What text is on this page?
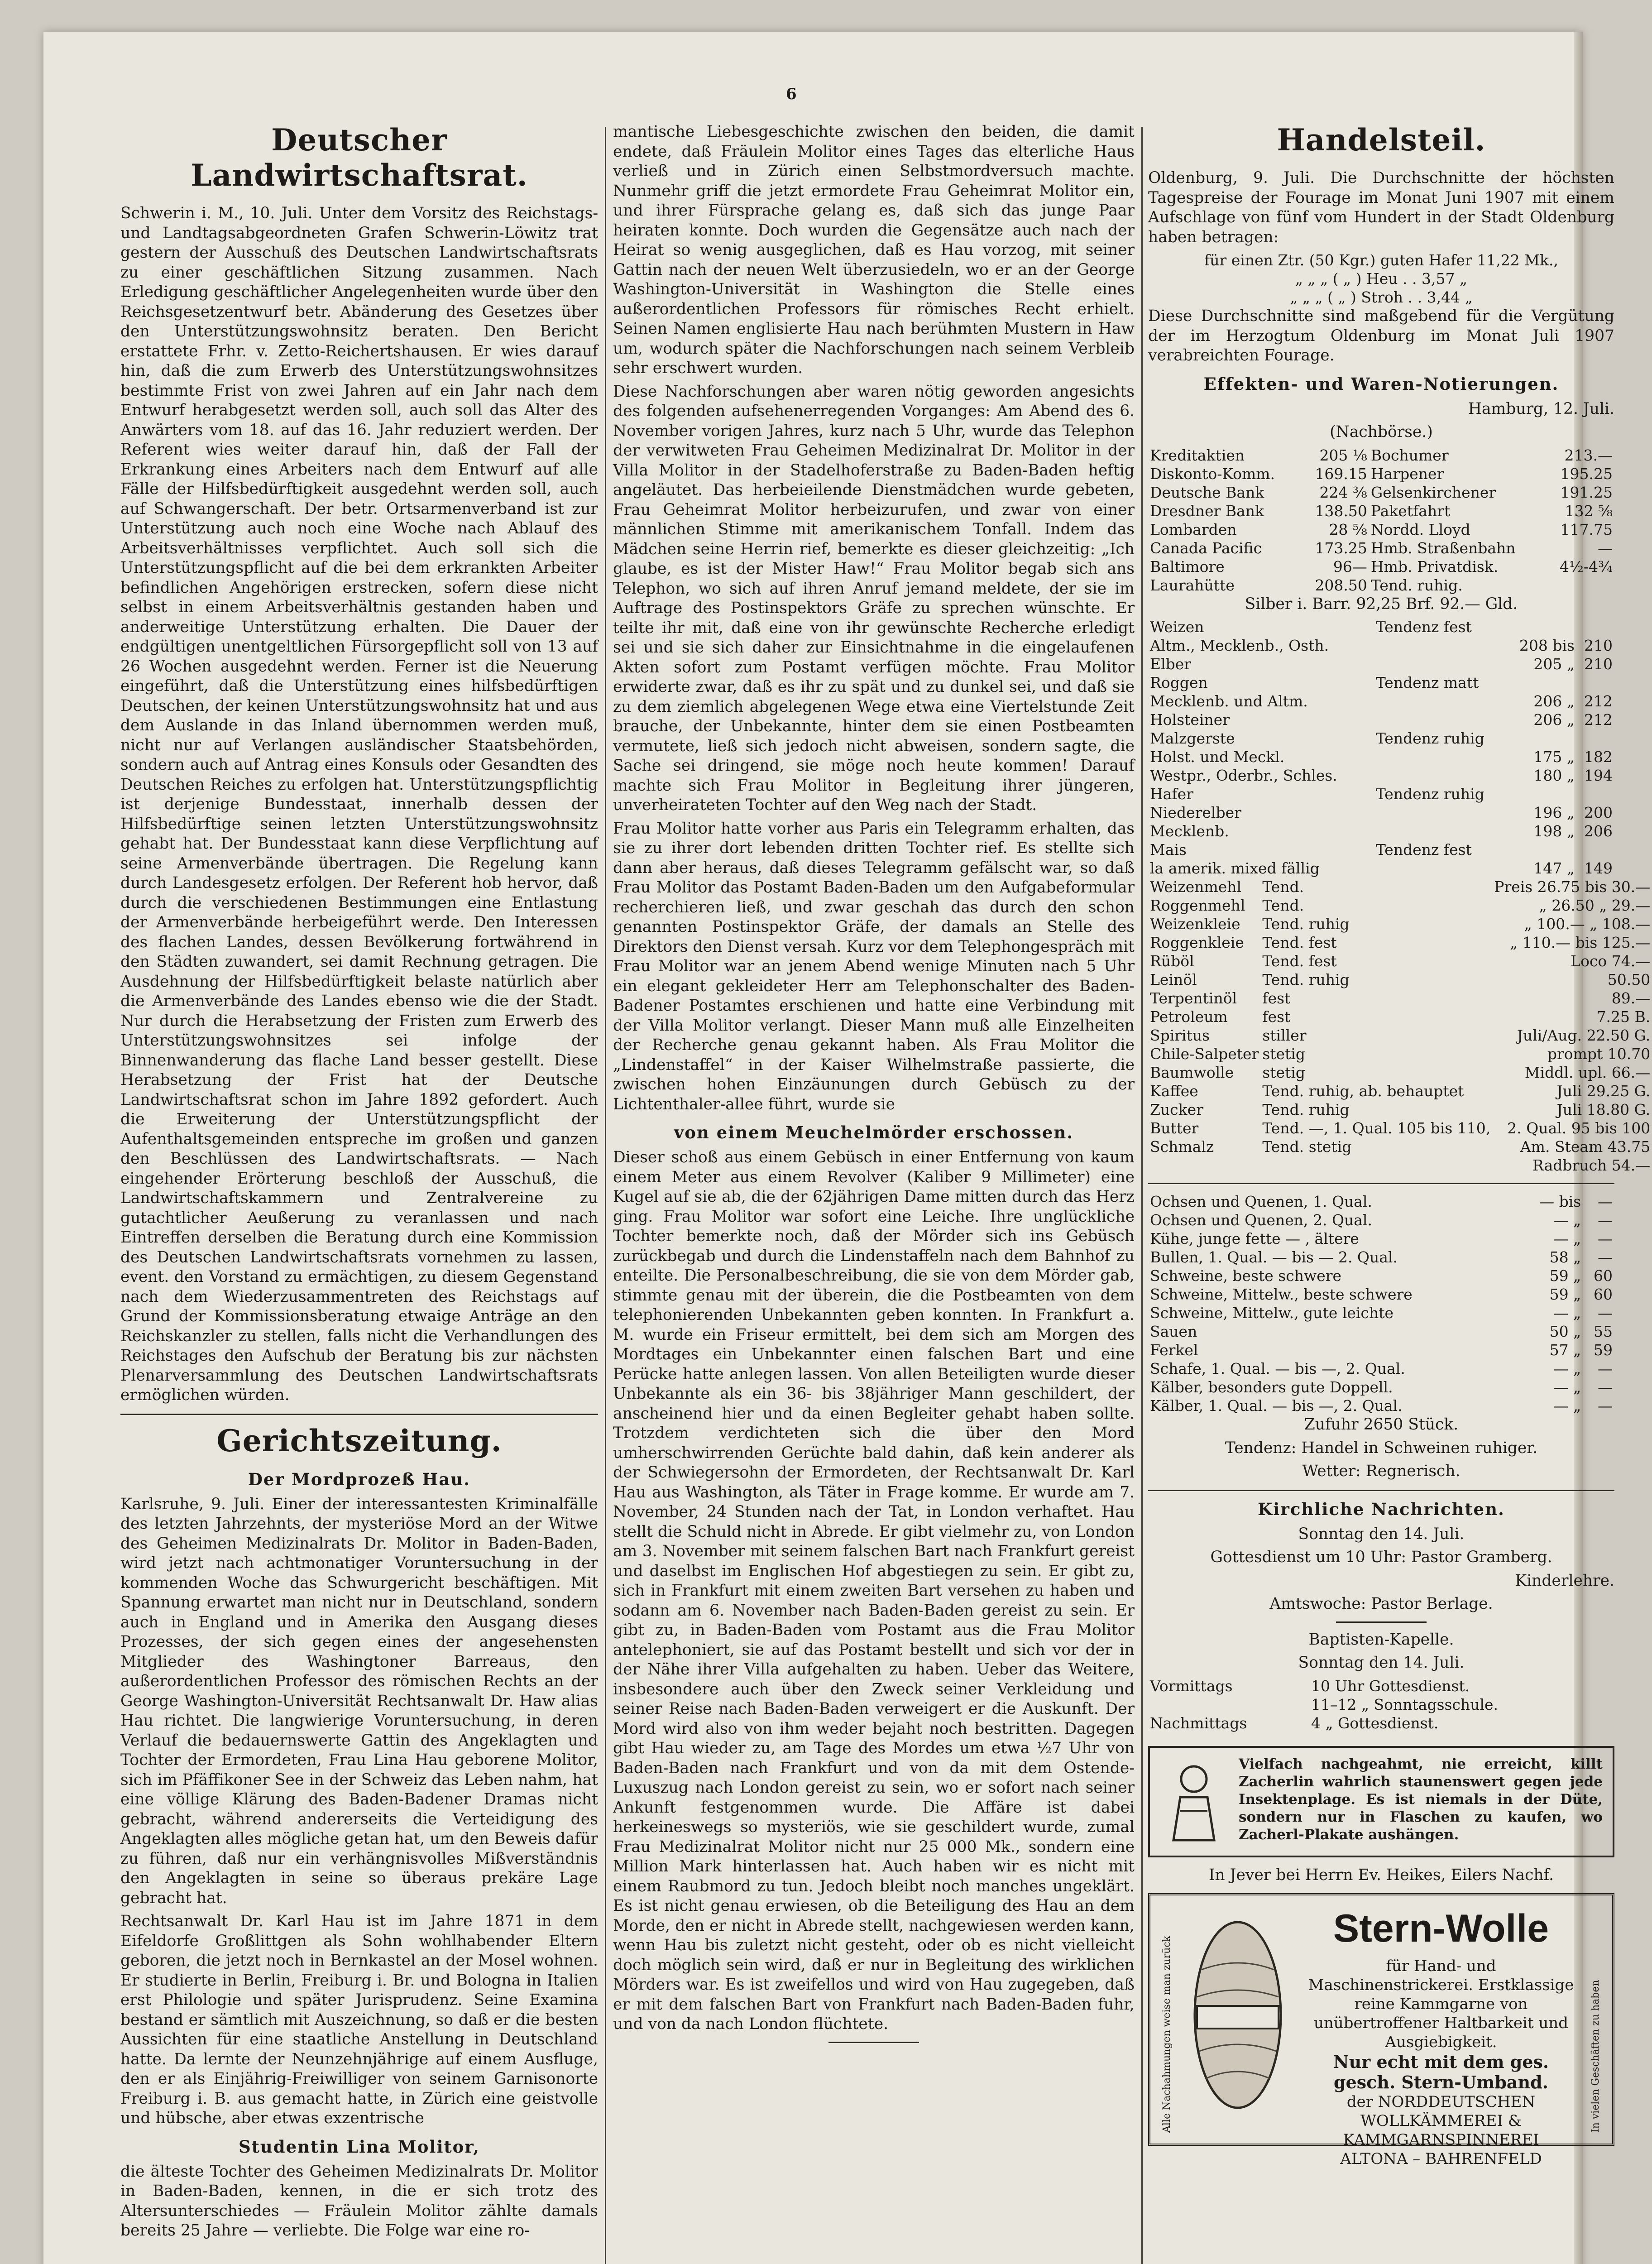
6
Deutscher Landwirtschaftsrat.

Schwerin i. M., 10. Juli. Unter dem Vorsitz des Reichstags- und Landtagsabgeordneten Grafen Schwerin-Löwitz trat gestern der Ausschuß des Deutschen Landwirtschaftsrats zu einer geschäftlichen Sitzung zusammen. Nach Erledigung geschäftlicher Angelegenheiten wurde über den Reichsgesetzentwurf betr. Abänderung des Gesetzes über den Unterstützungswohnsitz beraten. Den Bericht erstattete Frhr. v. Zetto-Reichertshausen. Er wies darauf hin, daß die zum Erwerb des Unterstützungswohnsitzes bestimmte Frist von zwei Jahren auf ein Jahr nach dem Entwurf herabgesetzt werden soll, auch soll das Alter des Anwärters vom 18. auf das 16. Jahr reduziert werden. Der Referent wies weiter darauf hin, daß der Fall der Erkrankung eines Arbeiters nach dem Entwurf auf alle Fälle der Hilfsbedürftigkeit ausgedehnt werden soll, auch auf Schwangerschaft. Der betr. Ortsarmenverband ist zur Unterstützung auch noch eine Woche nach Ablauf des Arbeitsverhältnisses verpflichtet. Auch soll sich die Unterstützungspflicht auf die bei dem erkrankten Arbeiter befindlichen Angehörigen erstrecken, sofern diese nicht selbst in einem Arbeitsverhältnis gestanden haben und anderweitige Unterstützung erhalten. Die Dauer der endgültigen unentgeltlichen Fürsorgepflicht soll von 13 auf 26 Wochen ausgedehnt werden. Ferner ist die Neuerung eingeführt, daß die Unterstützung eines hilfsbedürftigen Deutschen, der keinen Unterstützungswohnsitz hat und aus dem Auslande in das Inland übernommen werden muß, nicht nur auf Verlangen ausländischer Staatsbehörden, sondern auch auf Antrag eines Konsuls oder Gesandten des Deutschen Reiches zu erfolgen hat. Unterstützungspflichtig ist derjenige Bundesstaat, innerhalb dessen der Hilfsbedürftige seinen letzten Unterstützungswohnsitz gehabt hat. Der Bundesstaat kann diese Verpflichtung auf seine Armenverbände übertragen. Die Regelung kann durch Landesgesetz erfolgen. Der Referent hob hervor, daß durch die verschiedenen Bestimmungen eine Entlastung der Armenverbände herbeigeführt werde. Den Interessen des flachen Landes, dessen Bevölkerung fortwährend in den Städten zuwandert, sei damit Rechnung getragen. Die Ausdehnung der Hilfsbedürftigkeit belaste natürlich aber die Armenverbände des Landes ebenso wie die der Stadt. Nur durch die Herabsetzung der Fristen zum Erwerb des Unterstützungswohnsitzes sei infolge der Binnenwanderung das flache Land besser gestellt. Diese Herabsetzung der Frist hat der Deutsche Landwirtschaftsrat schon im Jahre 1892 gefordert. Auch die Erweiterung der Unterstützungspflicht der Aufenthaltsgemeinden entspreche im großen und ganzen den Beschlüssen des Landwirtschaftsrats. — Nach eingehender Erörterung beschloß der Ausschuß, die Landwirtschaftskammern und Zentralvereine zu gutachtlicher Aeußerung zu veranlassen und nach Eintreffen derselben die Beratung durch eine Kommission des Deutschen Landwirtschaftsrats vornehmen zu lassen, event. den Vorstand zu ermächtigen, zu diesem Gegenstand nach dem Wiederzusammentreten des Reichstags auf Grund der Kommissionsberatung etwaige Anträge an den Reichskanzler zu stellen, falls nicht die Verhandlungen des Reichstages den Aufschub der Beratung bis zur nächsten Plenarversammlung des Deutschen Landwirtschaftsrats ermöglichen würden.

Gerichtszeitung.
Der Mordprozeß Hau.

Karlsruhe, 9. Juli. Einer der interessantesten Kriminalfälle des letzten Jahrzehnts, der mysteriöse Mord an der Witwe des Geheimen Medizinalrats Dr. Molitor in Baden-Baden, wird jetzt nach achtmonatiger Voruntersuchung in der kommenden Woche das Schwurgericht beschäftigen. Mit Spannung erwartet man nicht nur in Deutschland, sondern auch in England und in Amerika den Ausgang dieses Prozesses, der sich gegen eines der angesehensten Mitglieder des Washingtoner Barreaus, den außerordentlichen Professor des römischen Rechts an der George Washington-Universität Rechtsanwalt Dr. Haw alias Hau richtet. Die langwierige Voruntersuchung, in deren Verlauf die bedauernswerte Gattin des Angeklagten und Tochter der Ermordeten, Frau Lina Hau geborene Molitor, sich im Pfäffikoner See in der Schweiz das Leben nahm, hat eine völlige Klärung des Baden-Badener Dramas nicht gebracht, während andererseits die Verteidigung des Angeklagten alles mögliche getan hat, um den Beweis dafür zu führen, daß nur ein verhängnisvolles Mißverständnis den Angeklagten in seine so überaus prekäre Lage gebracht hat.

Rechtsanwalt Dr. Karl Hau ist im Jahre 1871 in dem Eifeldorfe Großlittgen als Sohn wohlhabender Eltern geboren, die jetzt noch in Bernkastel an der Mosel wohnen. Er studierte in Berlin, Freiburg i. Br. und Bologna in Italien erst Philologie und später Jurisprudenz. Seine Examina bestand er sämtlich mit Auszeichnung, so daß er die besten Aussichten für eine staatliche Anstellung in Deutschland hatte. Da lernte der Neunzehnjährige auf einem Ausfluge, den er als Einjährig-Freiwilliger von seinem Garnisonorte Freiburg i. B. aus gemacht hatte, in Zürich eine geistvolle und hübsche, aber etwas exzentrische

Studentin Lina Molitor,

die älteste Tochter des Geheimen Medizinalrats Dr. Molitor in Baden-Baden, kennen, in die er sich trotz des Altersunterschiedes — Fräulein Molitor zählte damals bereits 25 Jahre — verliebte. Die Folge war eine ro-

mantische Liebesgeschichte zwischen den beiden, die damit endete, daß Fräulein Molitor eines Tages das elterliche Haus verließ und in Zürich einen Selbstmordversuch machte. Nunmehr griff die jetzt ermordete Frau Geheimrat Molitor ein, und ihrer Fürsprache gelang es, daß sich das junge Paar heiraten konnte. Doch wurden die Gegensätze auch nach der Heirat so wenig ausgeglichen, daß es Hau vorzog, mit seiner Gattin nach der neuen Welt überzusiedeln, wo er an der George Washington-Universität in Washington die Stelle eines außerordentlichen Professors für römisches Recht erhielt. Seinen Namen englisierte Hau nach berühmten Mustern in Haw um, wodurch später die Nachforschungen nach seinem Verbleib sehr erschwert wurden.

Diese Nachforschungen aber waren nötig geworden angesichts des folgenden aufsehenerregenden Vorganges: Am Abend des 6. November vorigen Jahres, kurz nach 5 Uhr, wurde das Telephon der verwitweten Frau Geheimen Medizinalrat Dr. Molitor in der Villa Molitor in der Stadelhoferstraße zu Baden-Baden heftig angeläutet. Das herbeieilende Dienstmädchen wurde gebeten, Frau Geheimrat Molitor herbeizurufen, und zwar von einer männlichen Stimme mit amerikanischem Tonfall. Indem das Mädchen seine Herrin rief, bemerkte es dieser gleichzeitig: „Ich glaube, es ist der Mister Haw!“ Frau Molitor begab sich ans Telephon, wo sich auf ihren Anruf jemand meldete, der sie im Auftrage des Postinspektors Gräfe zu sprechen wünschte. Er teilte ihr mit, daß eine von ihr gewünschte Recherche erledigt sei und sie sich daher zur Einsichtnahme in die eingelaufenen Akten sofort zum Postamt verfügen möchte. Frau Molitor erwiderte zwar, daß es ihr zu spät und zu dunkel sei, und daß sie zu dem ziemlich abgelegenen Wege etwa eine Viertelstunde Zeit brauche, der Unbekannte, hinter dem sie einen Postbeamten vermutete, ließ sich jedoch nicht abweisen, sondern sagte, die Sache sei dringend, sie möge noch heute kommen! Darauf machte sich Frau Molitor in Begleitung ihrer jüngeren, unverheirateten Tochter auf den Weg nach der Stadt.

Frau Molitor hatte vorher aus Paris ein Telegramm erhalten, das sie zu ihrer dort lebenden dritten Tochter rief. Es stellte sich dann aber heraus, daß dieses Telegramm gefälscht war, so daß Frau Molitor das Postamt Baden-Baden um den Aufgabeformular recherchieren ließ, und zwar geschah das durch den schon genannten Postinspektor Gräfe, der damals an Stelle des Direktors den Dienst versah. Kurz vor dem Telephongespräch mit Frau Molitor war an jenem Abend wenige Minuten nach 5 Uhr ein elegant gekleideter Herr am Telephonschalter des Baden-Badener Postamtes erschienen und hatte eine Verbindung mit der Villa Molitor verlangt. Dieser Mann muß alle Einzelheiten der Recherche genau gekannt haben. Als Frau Molitor die „Lindenstaffel“ in der Kaiser Wilhelmstraße passierte, die zwischen hohen Einzäunungen durch Gebüsch zu der Lichtenthaler-allee führt, wurde sie

von einem Meuchelmörder erschossen.

Dieser schoß aus einem Gebüsch in einer Entfernung von kaum einem Meter aus einem Revolver (Kaliber 9 Millimeter) eine Kugel auf sie ab, die der 62jährigen Dame mitten durch das Herz ging. Frau Molitor war sofort eine Leiche. Ihre unglückliche Tochter bemerkte noch, daß der Mörder sich ins Gebüsch zurückbegab und durch die Lindenstaffeln nach dem Bahnhof zu enteilte. Die Personalbeschreibung, die sie von dem Mörder gab, stimmte genau mit der überein, die die Postbeamten von dem telephonierenden Unbekannten geben konnten. In Frankfurt a. M. wurde ein Friseur ermittelt, bei dem sich am Morgen des Mordtages ein Unbekannter einen falschen Bart und eine Perücke hatte anlegen lassen. Von allen Beteiligten wurde dieser Unbekannte als ein 36- bis 38jähriger Mann geschildert, der anscheinend hier und da einen Begleiter gehabt haben sollte. Trotzdem verdichteten sich die über den Mord umherschwirrenden Gerüchte bald dahin, daß kein anderer als der Schwiegersohn der Ermordeten, der Rechtsanwalt Dr. Karl Hau aus Washington, als Täter in Frage komme. Er wurde am 7. November, 24 Stunden nach der Tat, in London verhaftet. Hau stellt die Schuld nicht in Abrede. Er gibt vielmehr zu, von London am 3. November mit seinem falschen Bart nach Frankfurt gereist und daselbst im Englischen Hof abgestiegen zu sein. Er gibt zu, sich in Frankfurt mit einem zweiten Bart versehen zu haben und sodann am 6. November nach Baden-Baden gereist zu sein. Er gibt zu, in Baden-Baden vom Postamt aus die Frau Molitor antelephoniert, sie auf das Postamt bestellt und sich vor der in der Nähe ihrer Villa aufgehalten zu haben. Ueber das Weitere, insbesondere auch über den Zweck seiner Verkleidung und seiner Reise nach Baden-Baden verweigert er die Auskunft. Der Mord wird also von ihm weder bejaht noch bestritten. Dagegen gibt Hau wieder zu, am Tage des Mordes um etwa ½7 Uhr von Baden-Baden nach Frankfurt und von da mit dem Ostende-Luxuszug nach London gereist zu sein, wo er sofort nach seiner Ankunft festgenommen wurde. Die Affäre ist dabei herkeineswegs so mysteriös, wie sie geschildert wurde, zumal Frau Medizinalrat Molitor nicht nur 25 000 Mk., sondern eine Million Mark hinterlassen hat. Auch haben wir es nicht mit einem Raubmord zu tun. Jedoch bleibt noch manches ungeklärt. Es ist nicht genau erwiesen, ob die Beteiligung des Hau an dem Morde, den er nicht in Abrede stellt, nachgewiesen werden kann, wenn Hau bis zuletzt nicht gesteht, oder ob es nicht vielleicht doch möglich sein wird, daß er nur in Begleitung des wirklichen Mörders war. Es ist zweifellos und wird von Hau zugegeben, daß er mit dem falschen Bart von Frankfurt nach Baden-Baden fuhr, und von da nach London flüchtete.

Handelsteil.

Oldenburg, 9. Juli. Die Durchschnitte der höchsten Tagespreise der Fourage im Monat Juni 1907 mit einem Aufschlage von fünf vom Hundert in der Stadt Oldenburg haben betragen:

für einen Ztr. (50 Kgr.) guten Hafer 11,22 Mk.,
„ „ „ ( „ ) Heu . . 3,57 „
„ „ „ ( „ ) Stroh . . 3,44 „

Diese Durchschnitte sind maßgebend für die Vergütung der im Herzogtum Oldenburg im Monat Juli 1907 verabreichten Fourage.

Effekten- und Waren-Notierungen.

Hamburg, 12. Juli.

(Nachbörse.)

Kreditaktien	205 ⅛	Bochumer	213.—
Diskonto-Komm.	169.15	Harpener	195.25
Deutsche Bank	224 ⅜	Gelsenkirchener	191.25
Dresdner Bank	138.50	Paketfahrt	132 ⅝
Lombarden	28 ⅝	Nordd. Lloyd	117.75
Canada Pacific	173.25	Hmb. Straßenbahn	—
Baltimore	96—	Hmb. Privatdisk.	4½-4¾
Laurahütte	208.50	Tend. ruhig.	

Silber i. Barr. 92,25 Brf. 92.— Gld.

Weizen	Tendenz fest		
Altm., Mecklenb., Osth.		208 bis	210
Elber		205 „	210
Roggen	Tendenz matt		
Mecklenb. und Altm.		206 „	212
Holsteiner		206 „	212
Malzgerste	Tendenz ruhig		
Holst. und Meckl.		175 „	182
Westpr., Oderbr., Schles.		180 „	194
Hafer	Tendenz ruhig		
Niederelber		196 „	200
Mecklenb.		198 „	206
Mais	Tendenz fest		
la amerik. mixed fällig		147 „	149
Weizenmehl	Tend.	Preis 26.75 bis 30.—
Roggenmehl	Tend.	„ 26.50 „ 29.—
Weizenkleie	Tend. ruhig	„ 100.— „ 108.—
Roggenkleie	Tend. fest	„ 110.— bis 125.—
Rüböl	Tend. fest	Loco 74.—
Leinöl	Tend. ruhig	50.50
Terpentinöl	fest	89.—
Petroleum	fest	7.25 B.
Spiritus	stiller	Juli/Aug. 22.50 G.
Chile-Salpeter	stetig	prompt 10.70
Baumwolle	stetig	Middl. upl. 66.—
Kaffee	Tend. ruhig, ab. behauptet	Juli 29.25 G.
Zucker	Tend. ruhig	Juli 18.80 G.
Butter	Tend. —, 1. Qual. 105 bis 110,	2. Qual. 95 bis 100
Schmalz	Tend. stetig	Am. Steam 43.75
		Radbruch 54.—
Ochsen und Quenen, 1. Qual.	— bis	—
Ochsen und Quenen, 2. Qual.	— „	—
Kühe, junge fette — , ältere	— „	—
Bullen, 1. Qual. — bis — 2. Qual.	58 „	—
Schweine, beste schwere	59 „	60
Schweine, Mittelw., beste schwere	59 „	60
Schweine, Mittelw., gute leichte	— „	—
Sauen	50 „	55
Ferkel	57 „	59
Schafe, 1. Qual. — bis —, 2. Qual.	— „	—
Kälber, besonders gute Doppell.	— „	—
Kälber, 1. Qual. — bis —, 2. Qual.	— „	—

Zufuhr 2650 Stück.

Tendenz: Handel in Schweinen ruhiger.

Wetter: Regnerisch.

Kirchliche Nachrichten.

Sonntag den 14. Juli.

Gottesdienst um 10 Uhr: Pastor Gramberg.

Kinderlehre.

Amtswoche: Pastor Berlage.

Baptisten-Kapelle.

Sonntag den 14. Juli.

Vormittags	10 Uhr Gottesdienst.
	11–12 „ Sonntagsschule.
Nachmittags	4 „ Gottesdienst.

Vielfach nachgeahmt, nie erreicht, killt Zacherlin wahrlich staunenswert gegen jede Insektenplage. Es ist niemals in der Düte, sondern nur in Flaschen zu kaufen, wo Zacherl-Plakate aushängen.

In Jever bei Herrn Ev. Heikes, Eilers Nachf.

Alle Nachahmungen weise man zurück
Stern-Wolle
für Hand- und Maschinenstrickerei. Erstklassige reine Kammgarne von unübertroffener Haltbarkeit und Ausgiebigkeit.
Nur echt mit dem ges. gesch. Stern-Umband.
der NORDDEUTSCHEN WOLLKÄMMEREI & KAMMGARNSPINNEREI
ALTONA – BAHRENFELD
In vielen Geschäften zu haben
